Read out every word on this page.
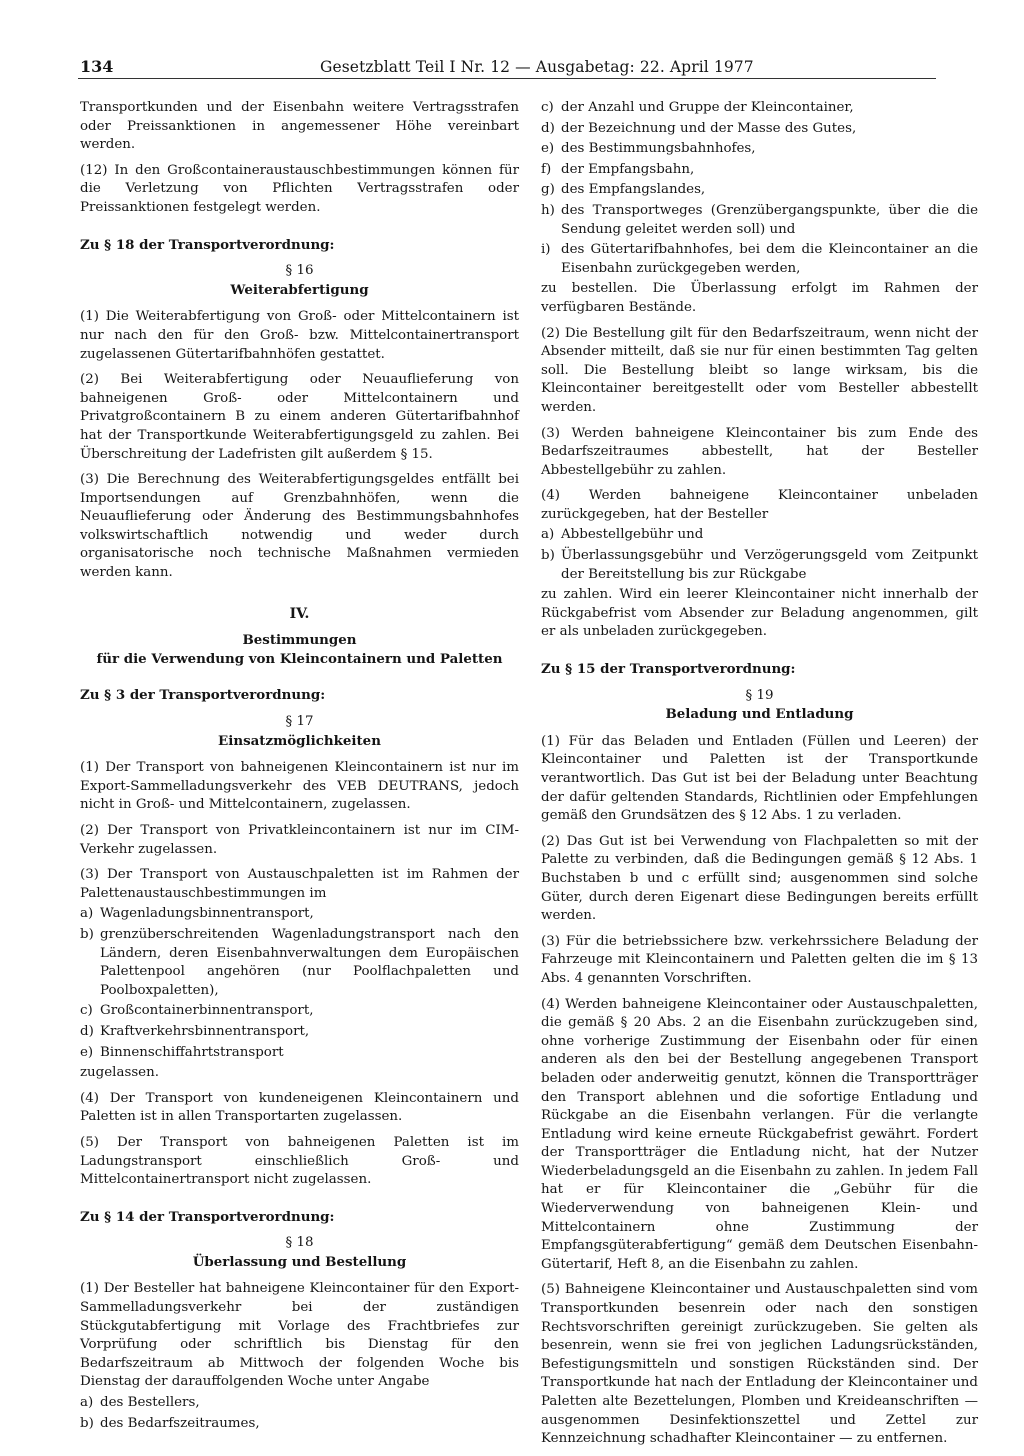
134	Gesetzblatt Teil I Nr. 12 — Ausgabetag: 22. April 1977

Transportkunden und der Eisenbahn weitere Vertragsstrafen oder Preissanktionen in angemessener Höhe vereinbart werden.

(12) In den Großcontaineraustauschbestimmungen können für die Verletzung von Pflichten Vertragsstrafen oder Preissanktionen festgelegt werden.

Zu § 18 der Transportverordnung:
§ 16
Weiterabfertigung

(1) Die Weiterabfertigung von Groß- oder Mittelcontainern ist nur nach den für den Groß- bzw. Mittelcontainertransport zugelassenen Gütertarifbahnhöfen gestattet.

(2) Bei Weiterabfertigung oder Neuauflieferung von bahneigenen Groß- oder Mittelcontainern und Privatgroßcontainern B zu einem anderen Gütertarifbahnhof hat der Transportkunde Weiterabfertigungsgeld zu zahlen. Bei Überschreitung der Ladefristen gilt außerdem § 15.

(3) Die Berechnung des Weiterabfertigungsgeldes entfällt bei Importsendungen auf Grenzbahnhöfen, wenn die Neuauflieferung oder Änderung des Bestimmungsbahnhofes volkswirtschaftlich notwendig und weder durch organisatorische noch technische Maßnahmen vermieden werden kann.

IV.
Bestimmungen
für die Verwendung von Kleincontainern und Paletten
Zu § 3 der Transportverordnung:
§ 17
Einsatzmöglichkeiten

(1) Der Transport von bahneigenen Kleincontainern ist nur im Export-Sammelladungsverkehr des VEB DEUTRANS, jedoch nicht in Groß- und Mittelcontainern, zugelassen.

(2) Der Transport von Privatkleincontainern ist nur im CIM-Verkehr zugelassen.

(3) Der Transport von Austauschpaletten ist im Rahmen der Palettenaustauschbestimmungen im

a) Wagenladungsbinnentransport,
b) grenzüberschreitenden Wagenladungstransport nach den Ländern, deren Eisenbahnverwaltungen dem Europäischen Palettenpool angehören (nur Poolflachpaletten und Poolboxpaletten),
c) Großcontainerbinnentransport,
d) Kraftverkehrsbinnentransport,
e) Binnenschiffahrtstransport

zugelassen.

(4) Der Transport von kundeneigenen Kleincontainern und Paletten ist in allen Transportarten zugelassen.

(5) Der Transport von bahneigenen Paletten ist im Ladungstransport einschließlich Groß- und Mittelcontainertransport nicht zugelassen.

Zu § 14 der Transportverordnung:
§ 18
Überlassung und Bestellung

(1) Der Besteller hat bahneigene Kleincontainer für den Export-Sammelladungsverkehr bei der zuständigen Stückgutabfertigung mit Vorlage des Frachtbriefes zur Vorprüfung oder schriftlich bis Dienstag für den Bedarfszeitraum ab Mittwoch der folgenden Woche bis Dienstag der darauffolgenden Woche unter Angabe

a) des Bestellers,
b) des Bedarfszeitraumes,
c) der Anzahl und Gruppe der Kleincontainer,
d) der Bezeichnung und der Masse des Gutes,
e) des Bestimmungsbahnhofes,
f) der Empfangsbahn,
g) des Empfangslandes,
h) des Transportweges (Grenzübergangspunkte, über die die Sendung geleitet werden soll) und
i) des Gütertarifbahnhofes, bei dem die Kleincontainer an die Eisenbahn zurückgegeben werden,

zu bestellen. Die Überlassung erfolgt im Rahmen der verfügbaren Bestände.

(2) Die Bestellung gilt für den Bedarfszeitraum, wenn nicht der Absender mitteilt, daß sie nur für einen bestimmten Tag gelten soll. Die Bestellung bleibt so lange wirksam, bis die Kleincontainer bereitgestellt oder vom Besteller abbestellt werden.

(3) Werden bahneigene Kleincontainer bis zum Ende des Bedarfszeitraumes abbestellt, hat der Besteller Abbestellgebühr zu zahlen.

(4) Werden bahneigene Kleincontainer unbeladen zurückgegeben, hat der Besteller

a) Abbestellgebühr und
b) Überlassungsgebühr und Verzögerungsgeld vom Zeitpunkt der Bereitstellung bis zur Rückgabe

zu zahlen. Wird ein leerer Kleincontainer nicht innerhalb der Rückgabefrist vom Absender zur Beladung angenommen, gilt er als unbeladen zurückgegeben.

Zu § 15 der Transportverordnung:
§ 19
Beladung und Entladung

(1) Für das Beladen und Entladen (Füllen und Leeren) der Kleincontainer und Paletten ist der Transportkunde verantwortlich. Das Gut ist bei der Beladung unter Beachtung der dafür geltenden Standards, Richtlinien oder Empfehlungen gemäß den Grundsätzen des § 12 Abs. 1 zu verladen.

(2) Das Gut ist bei Verwendung von Flachpaletten so mit der Palette zu verbinden, daß die Bedingungen gemäß § 12 Abs. 1 Buchstaben b und c erfüllt sind; ausgenommen sind solche Güter, durch deren Eigenart diese Bedingungen bereits erfüllt werden.

(3) Für die betriebssichere bzw. verkehrssichere Beladung der Fahrzeuge mit Kleincontainern und Paletten gelten die im § 13 Abs. 4 genannten Vorschriften.

(4) Werden bahneigene Kleincontainer oder Austauschpaletten, die gemäß § 20 Abs. 2 an die Eisenbahn zurückzugeben sind, ohne vorherige Zustimmung der Eisenbahn oder für einen anderen als den bei der Bestellung angegebenen Transport beladen oder anderweitig genutzt, können die Transportträger den Transport ablehnen und die sofortige Entladung und Rückgabe an die Eisenbahn verlangen. Für die verlangte Entladung wird keine erneute Rückgabefrist gewährt. Fordert der Transportträger die Entladung nicht, hat der Nutzer Wiederbeladungsgeld an die Eisenbahn zu zahlen. In jedem Fall hat er für Kleincontainer die „Gebühr für die Wiederverwendung von bahneigenen Klein- und Mittelcontainern ohne Zustimmung der Empfangsgüterabfertigung“ gemäß dem Deutschen Eisenbahn-Gütertarif, Heft 8, an die Eisenbahn zu zahlen.

(5) Bahneigene Kleincontainer und Austauschpaletten sind vom Transportkunden besenrein oder nach den sonstigen Rechtsvorschriften gereinigt zurückzugeben. Sie gelten als besenrein, wenn sie frei von jeglichen Ladungsrückständen, Befestigungsmitteln und sonstigen Rückständen sind. Der Transportkunde hat nach der Entladung der Kleincontainer und Paletten alte Bezettelungen, Plomben und Kreideanschriften — ausgenommen Desinfektionszettel und Zettel zur Kennzeichnung schadhafter Kleincontainer — zu entfernen.
